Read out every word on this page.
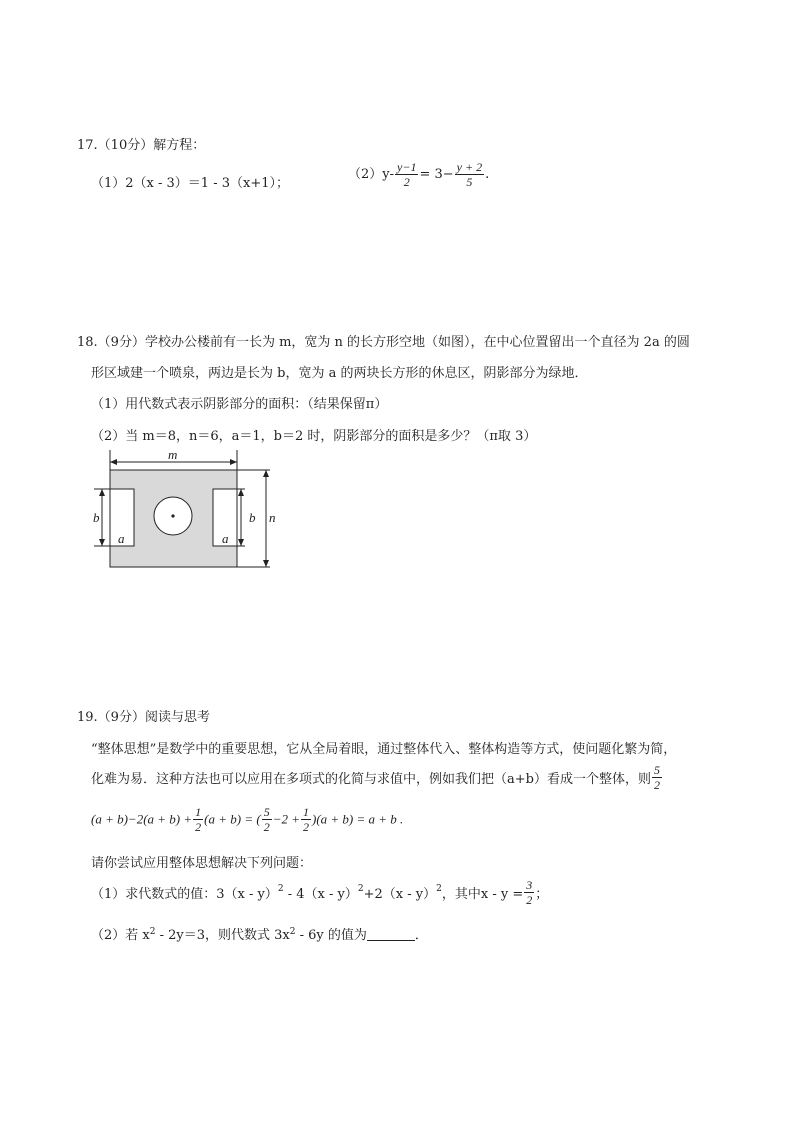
17.（10分）解方程：
（1）2（x - 3）＝1 - 3（x+1）；
$(2)y- \frac{y-1}{2} = 3- \frac{y + 2}{5}$ .
18.（9分）学校办公楼前有一长为 m，宽为 n 的长方形空地（如图），在中心位置留出一个直径为 2a 的圆
形区域建一个喷泉，两边是长为 b，宽为 a 的两块长方形的休息区，阴影部分为绿地．
（1）用代数式表示阴影部分的面积：（结果保留π）
（2）当 m＝8，n＝6，a＝1，b＝2 时，阴影部分的面积是多少？（π取 3）
m
b	b n
a	a
19.（9分）阅读与思考
“整体思想”是数学中的重要思想，它从全局着眼，通过整体代入、整体构造等方式，使问题化繁为简，
化难为易．这种方法也可以应用在多项式的化简与求值中，例如我们把（a+b）看成一个整体，则 $\frac{5}{2}$
$(a + b)-2(a + b) + \frac{1}{2} (a + b)$ = ( $\frac{5}{2} -2 + \frac{1}{2} )(a + b) = a + b$ .
请你尝试应用整体思想解决下列问题：
（1）求代数式的值：3（x - y）$^2$ - 4（x - y）$^2$+2（x - y）$^2$，其中$x - y = \frac{3}{2}$ ；
（2）若 $x^2 - 2y=3$，则代数式 $3x^2 - 6y$ 的值为	．
